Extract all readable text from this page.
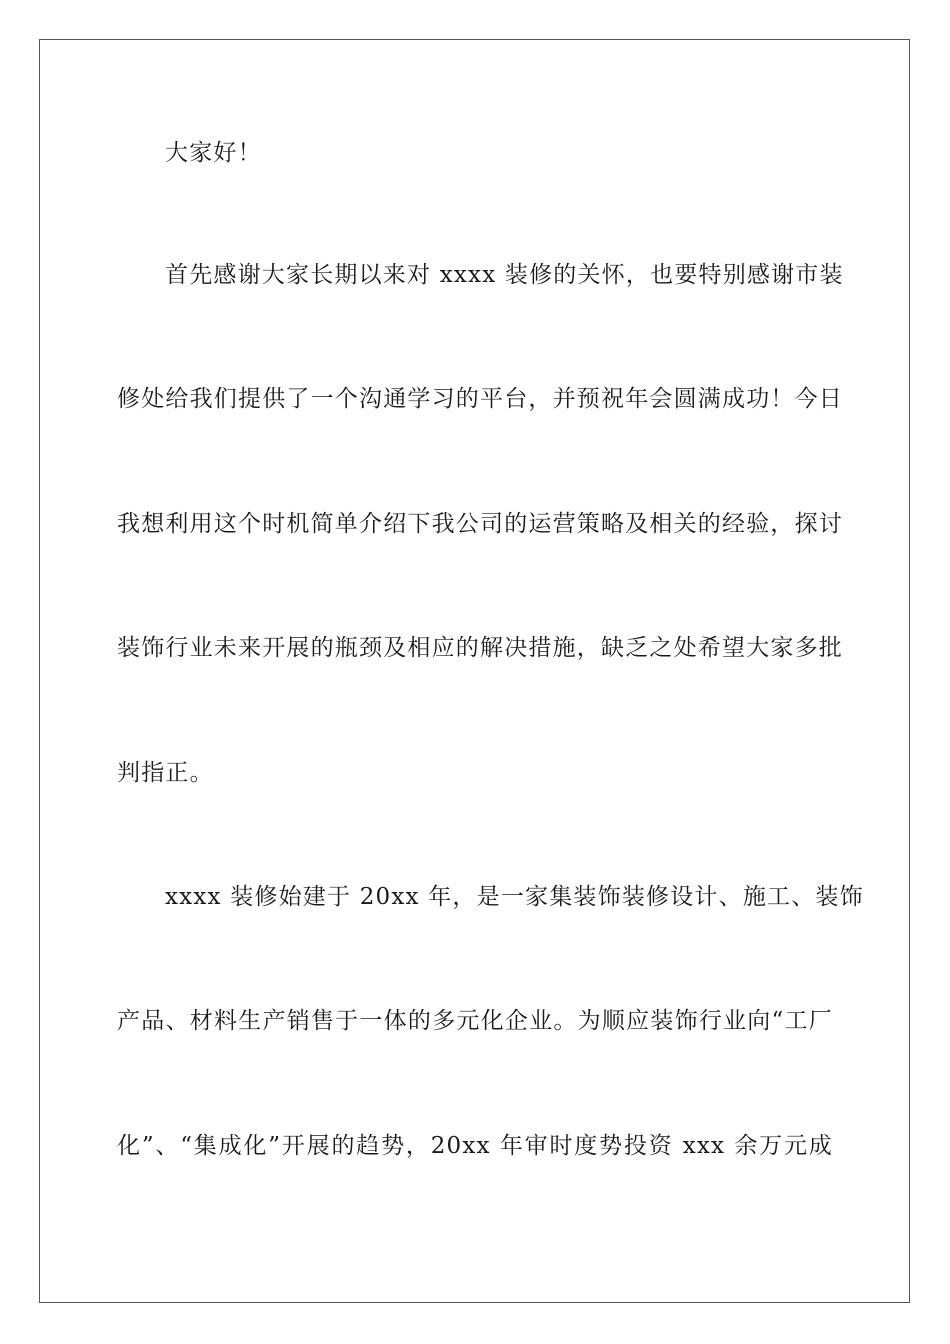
大家好！
首先感谢大家长期以来对 xxxx 装修的关怀，也要特别感谢市装
修处给我们提供了一个沟通学习的平台，并预祝年会圆满成功！今日
我想利用这个时机简单介绍下我公司的运营策略及相关的经验，探讨
装饰行业未来开展的瓶颈及相应的解决措施，缺乏之处希望大家多批
判指正。
xxxx 装修始建于 20xx 年，是一家集装饰装修设计、施工、装饰
产品、材料生产销售于一体的多元化企业。为顺应装饰行业向“工厂
化”、“集成化”开展的趋势，20xx 年审时度势投资 xxx 余万元成
